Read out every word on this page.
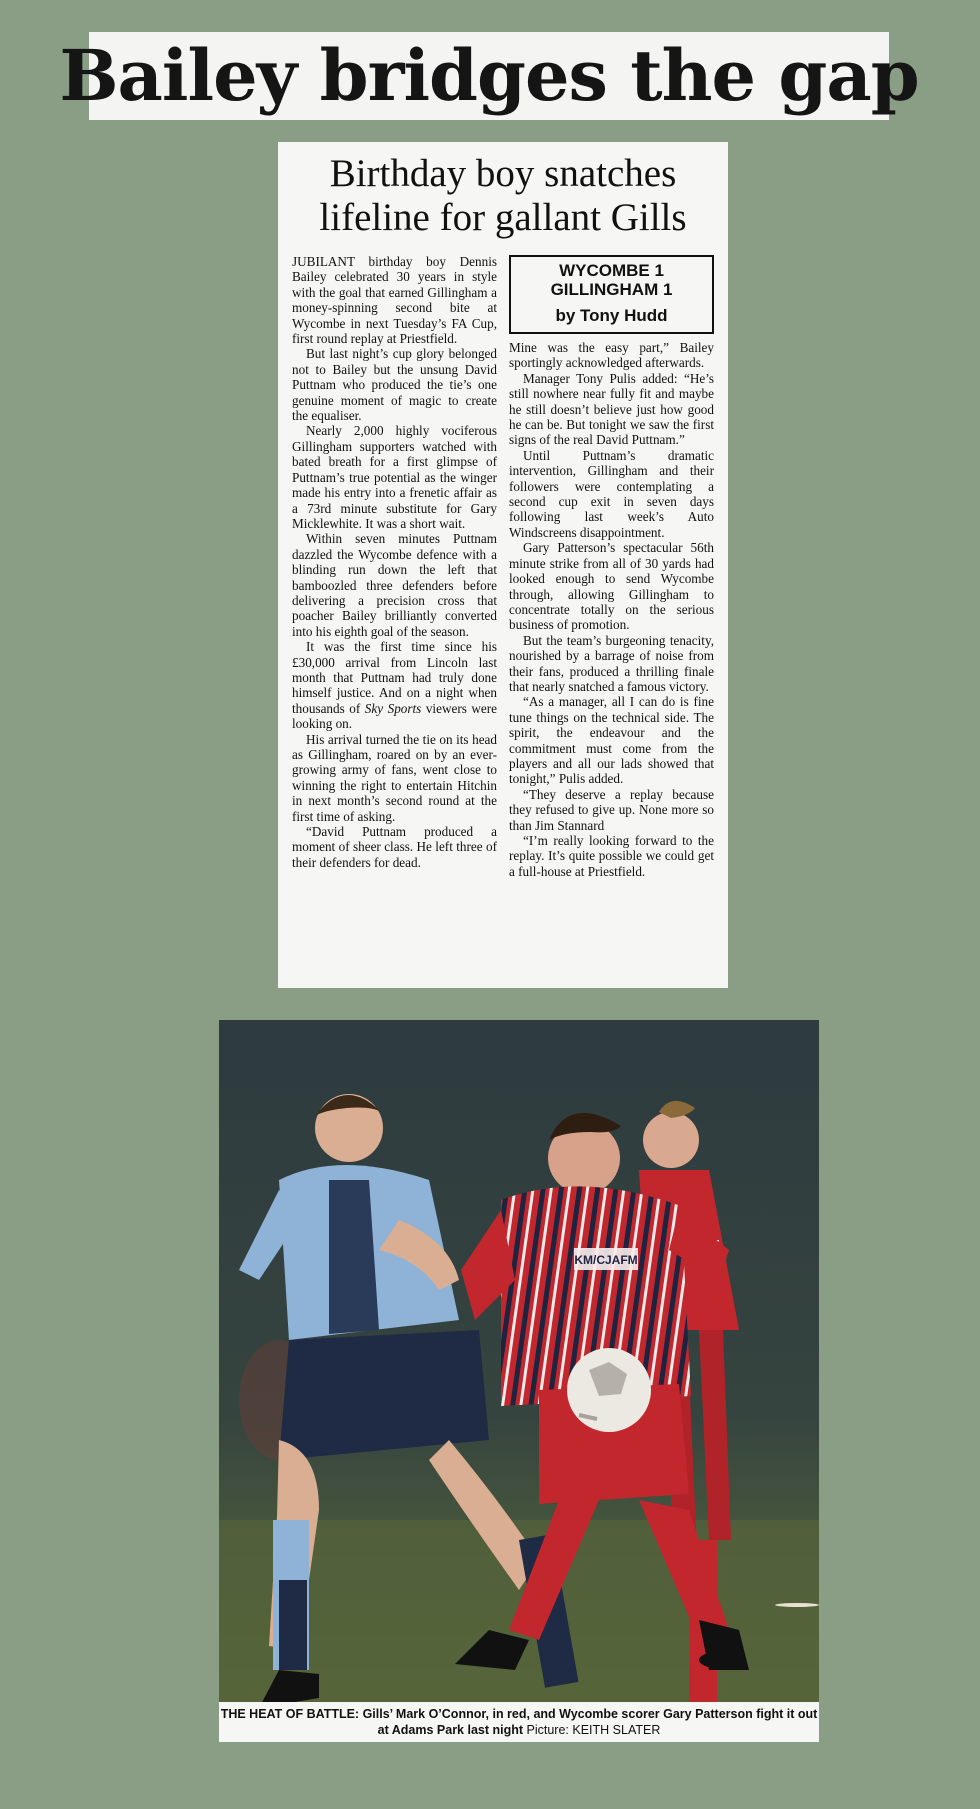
Bailey bridges the gap
Birthday boy snatches
lifeline for gallant Gills

JUBILANT birthday boy Dennis Bailey celebrated 30 years in style with the goal that earned Gillingham a money-spinning second bite at Wycombe in next Tuesday’s FA Cup, first round replay at Priestfield.

But last night’s cup glory belonged not to Bailey but the unsung David Puttnam who produced the tie’s one genuine moment of magic to create the equaliser.

Nearly 2,000 highly vociferous Gillingham supporters watched with bated breath for a first glimpse of Puttnam’s true potential as the winger made his entry into a frenetic affair as a 73rd minute substitute for Gary Micklewhite. It was a short wait.

Within seven minutes Puttnam dazzled the Wycombe defence with a blinding run down the left that bamboozled three defenders before delivering a precision cross that poacher Bailey brilliantly converted into his eighth goal of the season.

It was the first time since his £30,000 arrival from Lincoln last month that Puttnam had truly done himself justice. And on a night when thousands of Sky Sports viewers were looking on.

His arrival turned the tie on its head as Gillingham, roared on by an ever-growing army of fans, went close to winning the right to entertain Hitchin in next month’s second round at the first time of asking.

“David Puttnam produced a moment of sheer class. He left three of their defenders for dead.

WYCOMBE 1
GILLINGHAM 1
by Tony Hudd

Mine was the easy part,” Bailey sportingly acknowledged afterwards.

Manager Tony Pulis added: “He’s still nowhere near fully fit and maybe he still doesn’t believe just how good he can be. But tonight we saw the first signs of the real David Puttnam.”

Until Puttnam’s dramatic intervention, Gillingham and their followers were contemplating a second cup exit in seven days following last week’s Auto Windscreens disappointment.

Gary Patterson’s spectacular 56th minute strike from all of 30 yards had looked enough to send Wycombe through, allowing Gillingham to concentrate totally on the serious business of promotion.

But the team’s burgeoning tenacity, nourished by a barrage of noise from their fans, produced a thrilling finale that nearly snatched a famous victory.

“As a manager, all I can do is fine tune things on the technical side. The spirit, the endeavour and the commitment must come from the players and all our lads showed that tonight,” Pulis added.

“They deserve a replay because they refused to give up. None more so than Jim Stannard

“I’m really looking forward to the replay. It’s quite possible we could get a full-house at Priestfield.

KM/CJAFM
THE HEAT OF BATTLE: Gills’ Mark O’Connor, in red, and Wycombe scorer Gary Patterson fight it out at Adams Park last night Picture: KEITH SLATER
